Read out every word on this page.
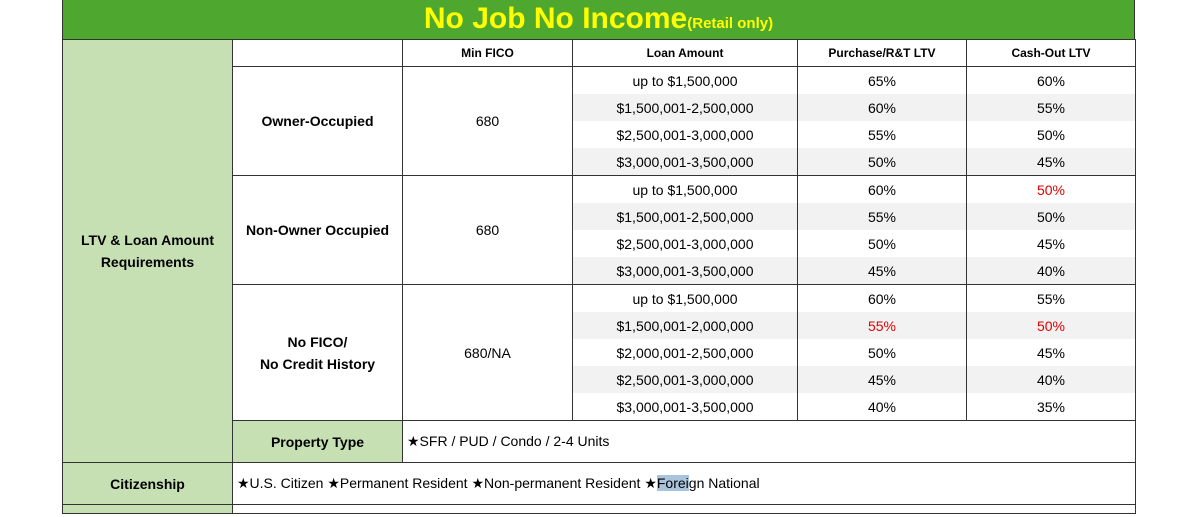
No Job No Income(Retail only)
LTV & Loan Amount Requirements		Min FICO	Loan Amount	Purchase/R&T LTV	Cash-Out LTV
	Owner-Occupied	680	up to $1,500,000	65%	60%
			$1,500,001-2,500,000	60%	55%
			$2,500,001-3,000,000	55%	50%
			$3,000,001-3,500,000	50%	45%
	Non-Owner Occupied	680	up to $1,500,000	60%	50%
			$1,500,001-2,500,000	55%	50%
			$2,500,001-3,000,000	50%	45%
			$3,000,001-3,500,000	45%	40%
	No FICO/
No Credit History	680/NA	up to $1,500,000	60%	55%
			$1,500,001-2,000,000	55%	50%
			$2,000,001-2,500,000	50%	45%
			$2,500,001-3,000,000	45%	40%
			$3,000,001-3,500,000	40%	35%
	Property Type	★SFR / PUD / Condo / 2-4 Units			
Citizenship	★U.S. Citizen ★Permanent Resident ★Non-permanent Resident ★Foreign National				
